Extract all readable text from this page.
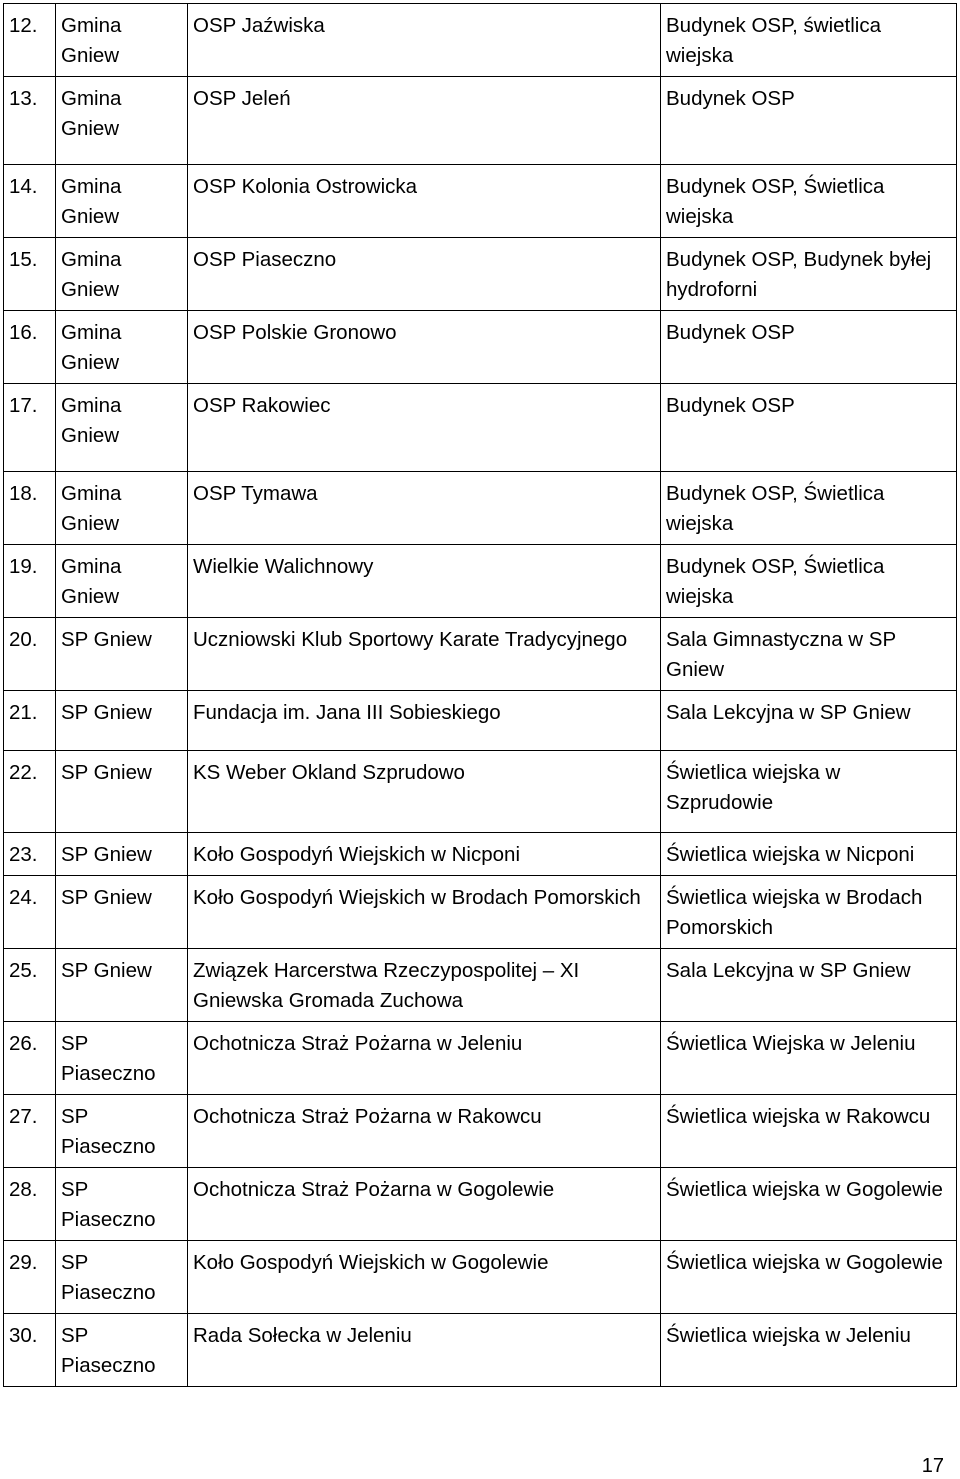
12.	Gmina Gniew	OSP Jaźwiska	Budynek OSP, świetlica wiejska
13.	Gmina Gniew	OSP Jeleń	Budynek OSP
14.	Gmina Gniew	OSP Kolonia Ostrowicka	Budynek OSP, Świetlica wiejska
15.	Gmina Gniew	OSP Piaseczno	Budynek OSP, Budynek byłej hydroforni
16.	Gmina Gniew	OSP Polskie Gronowo	Budynek OSP
17.	Gmina Gniew	OSP Rakowiec	Budynek OSP
18.	Gmina Gniew	OSP Tymawa	Budynek OSP, Świetlica wiejska
19.	Gmina Gniew	Wielkie Walichnowy	Budynek OSP, Świetlica wiejska
20.	SP Gniew	Uczniowski Klub Sportowy Karate Tradycyjnego	Sala Gimnastyczna w SP Gniew
21.	SP Gniew	Fundacja im. Jana III Sobieskiego	Sala Lekcyjna w SP Gniew
22.	SP Gniew	KS Weber Okland Szprudowo	Świetlica wiejska w Szprudowie
23.	SP Gniew	Koło Gospodyń Wiejskich w Nicponi	Świetlica wiejska w Nicponi
24.	SP Gniew	Koło Gospodyń Wiejskich w Brodach Pomorskich	Świetlica wiejska w Brodach Pomorskich
25.	SP Gniew	Związek Harcerstwa Rzeczypospolitej – XI Gniewska Gromada Zuchowa	Sala Lekcyjna w SP Gniew
26.	SP Piaseczno	Ochotnicza Straż Pożarna w Jeleniu	Świetlica Wiejska w Jeleniu
27.	SP Piaseczno	Ochotnicza Straż Pożarna w Rakowcu	Świetlica wiejska w Rakowcu
28.	SP Piaseczno	Ochotnicza Straż Pożarna w Gogolewie	Świetlica wiejska w Gogolewie
29.	SP Piaseczno	Koło Gospodyń Wiejskich w Gogolewie	Świetlica wiejska w Gogolewie
30.	SP Piaseczno	Rada Sołecka w Jeleniu	Świetlica wiejska w Jeleniu
17
